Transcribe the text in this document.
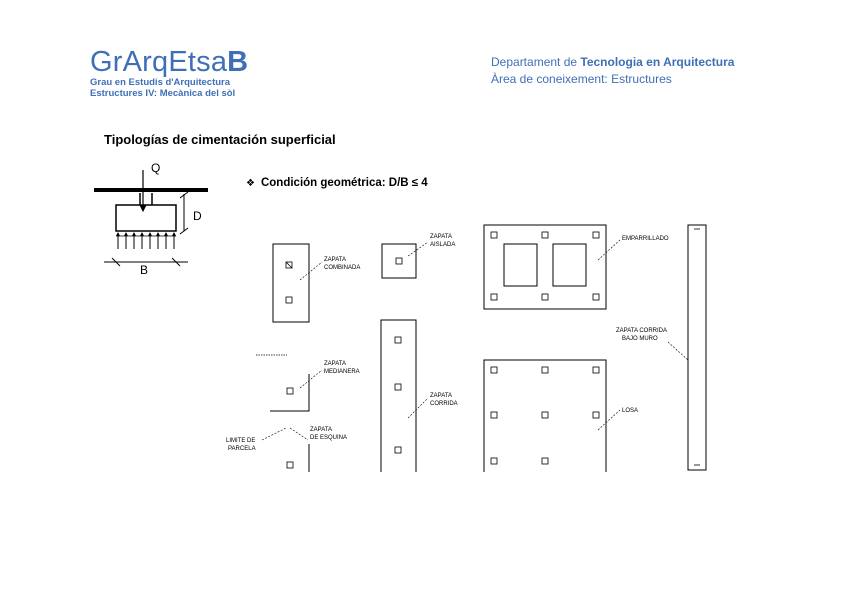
GrArqEtsaB
Grau en Estudis d'Arquitectura
Estructures IV: Mecànica del sòl
Departament de Tecnologia en Arquitectura
Àrea de coneixement: Estructures
Tipologías de cimentación superficial
❖ Condición geométrica: D/B ≤ 4
Q
D
B
ZAPATA
COMBINADA
ZAPATA
AISLADA
EMPARRILLADO
ZAPATA CORRIDA
BAJO MURO
ZAPATA
MEDIANERA
ZAPATA
DE ESQUINA
LIMITE DE
PARCELA
ZAPATA
CORRIDA
LOSA
